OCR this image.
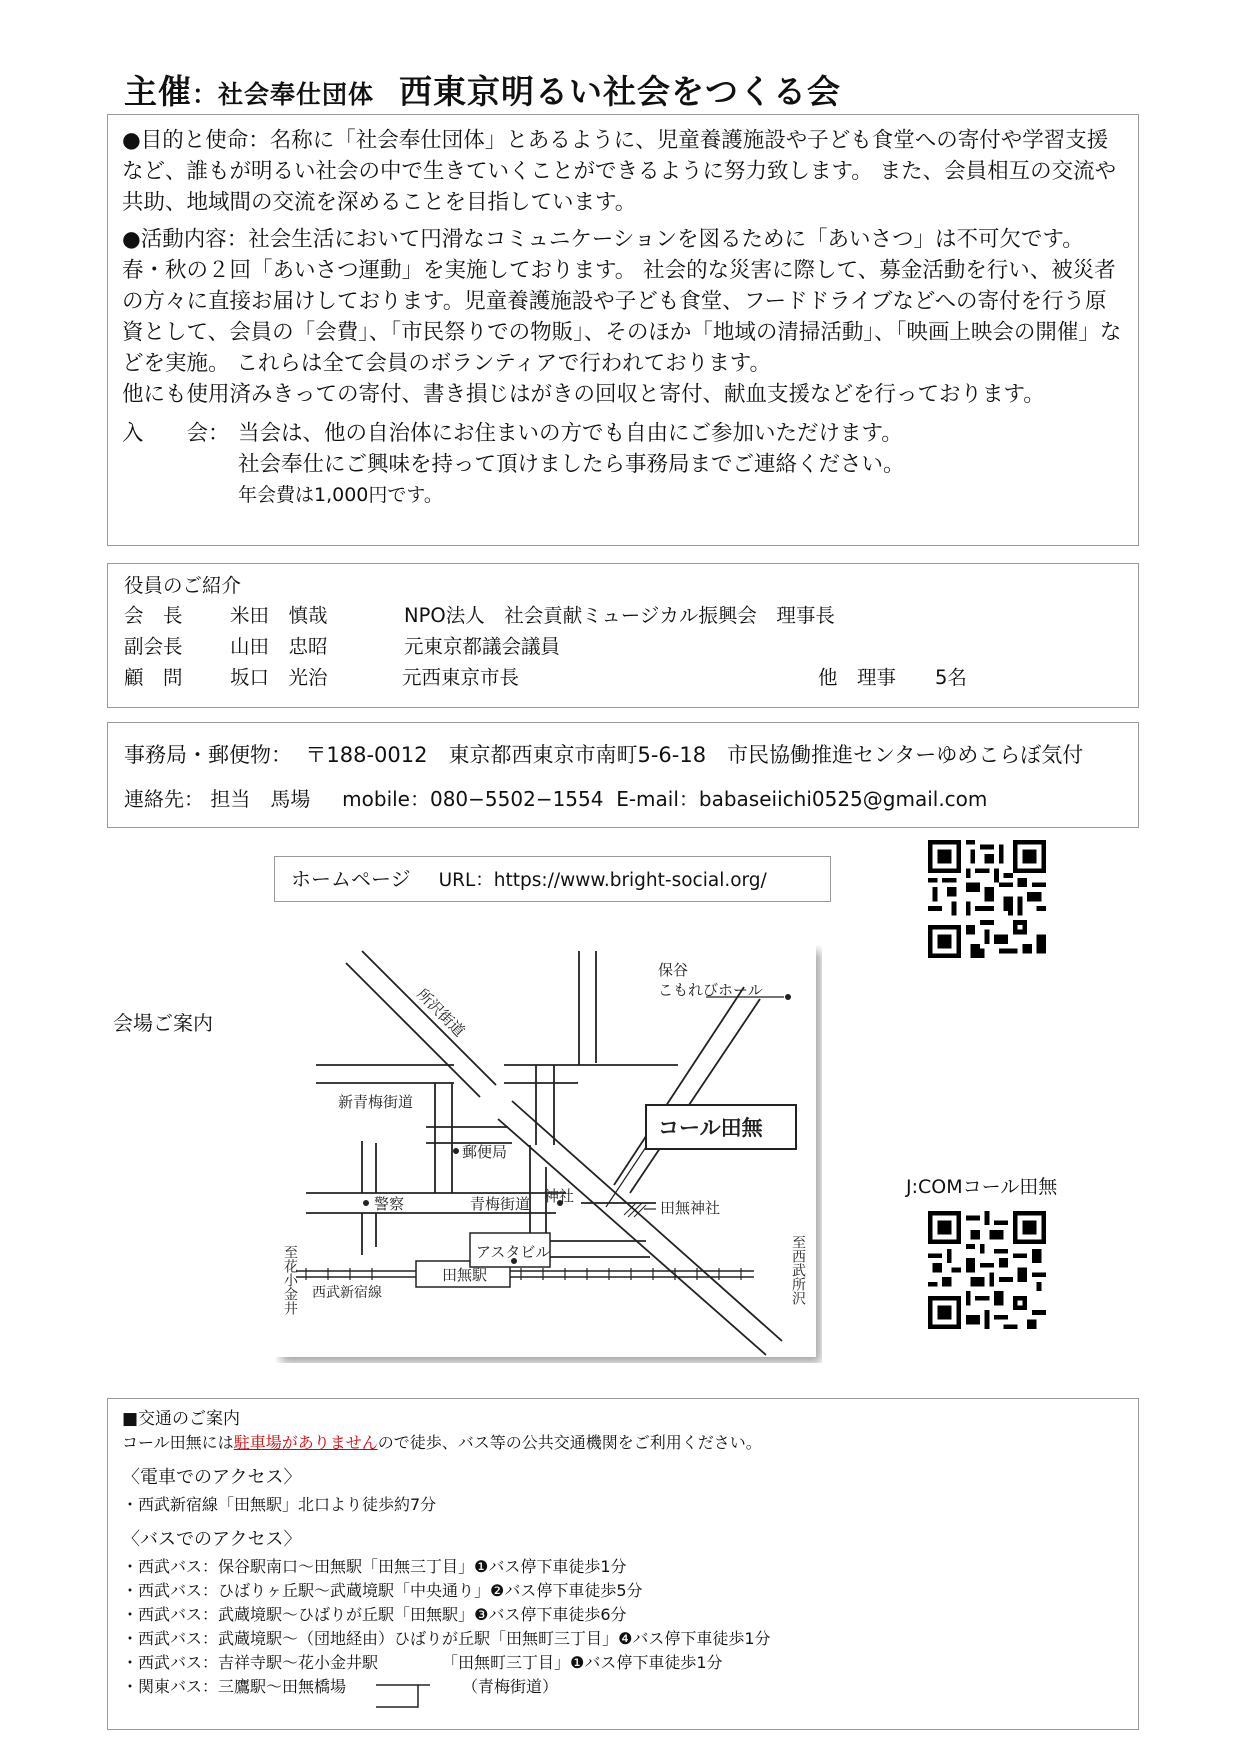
主催：社会奉仕団体 西東京明るい社会をつくる会

●目的と使命：名称に「社会奉仕団体」とあるように、児童養護施設や子ども食堂への寄付や学習支援など、誰もが明るい社会の中で生きていくことができるように努力致します。 また、会員相互の交流や共助、地域間の交流を深めることを目指しています。

●活動内容：社会生活において円滑なコミュニケーションを図るために「あいさつ」は不可欠です。春・秋の２回「あいさつ運動」を実施しております。 社会的な災害に際して、募金活動を行い、被災者の方々に直接お届けしております。児童養護施設や子ども食堂、フードドライブなどへの寄付を行う原資として、会員の「会費」、「市民祭りでの物販」、そのほか「地域の清掃活動」、「映画上映会の開催」などを実施。 これらは全て会員のボランティアで行われております。

他にも使用済みきっての寄付、書き損じはがきの回収と寄付、献血支援などを行っております。

入　　会： 当会は、他の自治体にお住まいの方でも自由にご参加いただけます。
社会奉仕にご興味を持って頂けましたら事務局までご連絡ください。
年会費は1,000円です。
役員のご紹介
会　長 米田　慎哉	NPO法人　社会貢献ミュージカル振興会　理事長
副会長 山田　忠昭	元東京都議会議員
顧　問 坂口　光治	元西東京市長	他　理事　　5名
事務局・郵便物： 〒188-0012　東京都西東京市南町5-6-18　市民協働推進センターゆめこらぼ気付
連絡先： 担当　馬場 mobile：080−5502−1554 E-mail：babaseiichi0525@gmail.com
ホームページ URL：https://www.bright-social.org/
会場ご案内
J:COMコール田無
保谷
こもれびホール
所沢街道
新青梅街道
コール田無
郵便局
警察	青梅街道 神社
田無神社
アスタビル
田無駅
西武新宿線
至花小金井	至西武所沢
■交通のご案内
コール田無には駐車場がありませんので徒歩、バス等の公共交通機関をご利用ください。
〈電車でのアクセス〉
・西武新宿線「田無駅」北口より徒歩約7分
〈バスでのアクセス〉
・西武バス：保谷駅南口～田無駅「田無三丁目」❶バス停下車徒歩1分
・西武バス：ひばりヶ丘駅～武蔵境駅「中央通り」❷バス停下車徒歩5分
・西武バス：武蔵境駅～ひばりが丘駅「田無駅」❸バス停下車徒歩6分
・西武バス：武蔵境駅～（団地経由）ひばりが丘駅「田無町三丁目」❹バス停下車徒歩1分
・西武バス：吉祥寺駅～花小金井駅	「田無町三丁目」❶バス停下車徒歩1分
・関東バス：三鷹駅～田無橋場	（青梅街道）
